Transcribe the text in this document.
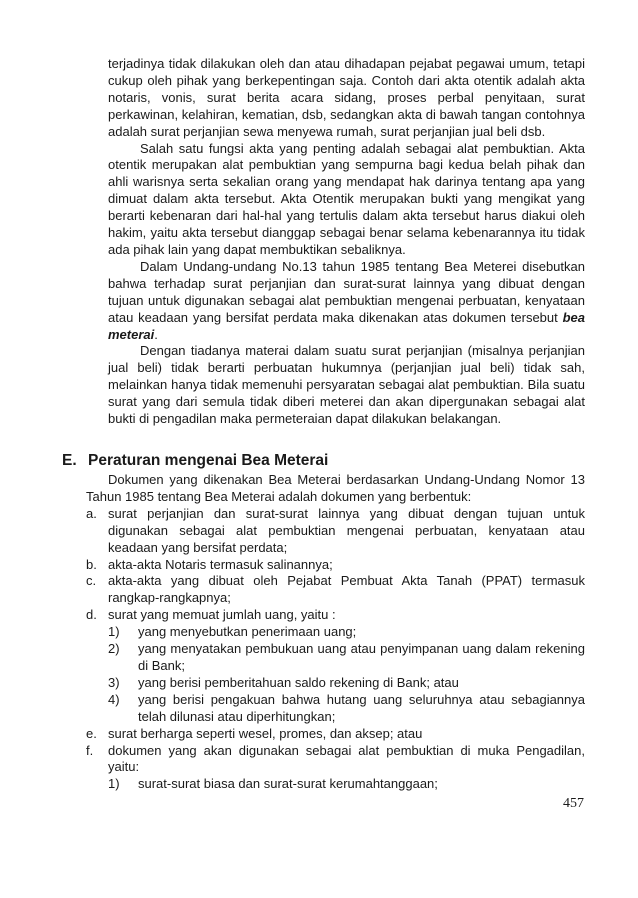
terjadinya tidak dilakukan oleh dan atau dihadapan pejabat pegawai umum, tetapi cukup oleh pihak yang berkepentingan saja. Contoh dari akta otentik adalah akta notaris, vonis, surat berita acara sidang, proses perbal penyitaan, surat perkawinan, kelahiran, kematian, dsb, sedangkan akta di bawah tangan contohnya adalah surat perjanjian sewa menyewa rumah, surat perjanjian jual beli dsb.

Salah satu fungsi akta yang penting adalah sebagai alat pembuktian. Akta otentik merupakan alat pembuktian yang sempurna bagi kedua belah pihak dan ahli warisnya serta sekalian orang yang mendapat hak darinya tentang apa yang dimuat dalam akta tersebut. Akta Otentik merupakan bukti yang mengikat yang berarti kebenaran dari hal-hal yang tertulis dalam akta tersebut harus diakui oleh hakim, yaitu akta tersebut dianggap sebagai benar selama kebenarannya itu tidak ada pihak lain yang dapat membuktikan sebaliknya.

Dalam Undang-undang No.13 tahun 1985 tentang Bea Meterei disebutkan bahwa terhadap surat perjanjian dan surat-surat lainnya yang dibuat dengan tujuan untuk digunakan sebagai alat pembuktian mengenai perbuatan, kenyataan atau keadaan yang bersifat perdata maka dikenakan atas dokumen tersebut bea meterai.

Dengan tiadanya materai dalam suatu surat perjanjian (misalnya perjanjian jual beli) tidak berarti perbuatan hukumnya (perjanjian jual beli) tidak sah, melainkan hanya tidak memenuhi persyaratan sebagai alat pembuktian. Bila suatu surat yang dari semula tidak diberi meterei dan akan dipergunakan sebagai alat bukti di pengadilan maka permeteraian dapat dilakukan belakangan.

E. Peraturan mengenai Bea Meterai

Dokumen yang dikenakan Bea Meterai berdasarkan Undang-Undang Nomor 13 Tahun 1985 tentang Bea Meterai adalah dokumen yang berbentuk:

a. surat perjanjian dan surat-surat lainnya yang dibuat dengan tujuan untuk digunakan sebagai alat pembuktian mengenai perbuatan, kenyataan atau keadaan yang bersifat perdata;

b. akta-akta Notaris termasuk salinannya;

c. akta-akta yang dibuat oleh Pejabat Pembuat Akta Tanah (PPAT) termasuk rangkap-rangkapnya;

d. surat yang memuat jumlah uang, yaitu :

1) yang menyebutkan penerimaan uang;

2) yang menyatakan pembukuan uang atau penyimpanan uang dalam rekening di Bank;

3) yang berisi pemberitahuan saldo rekening di Bank; atau

4) yang berisi pengakuan bahwa hutang uang seluruhnya atau sebagiannya telah dilunasi atau diperhitungkan;

e. surat berharga seperti wesel, promes, dan aksep; atau

f. dokumen yang akan digunakan sebagai alat pembuktian di muka Pengadilan, yaitu:

1) surat-surat biasa dan surat-surat kerumahtanggaan;

457
